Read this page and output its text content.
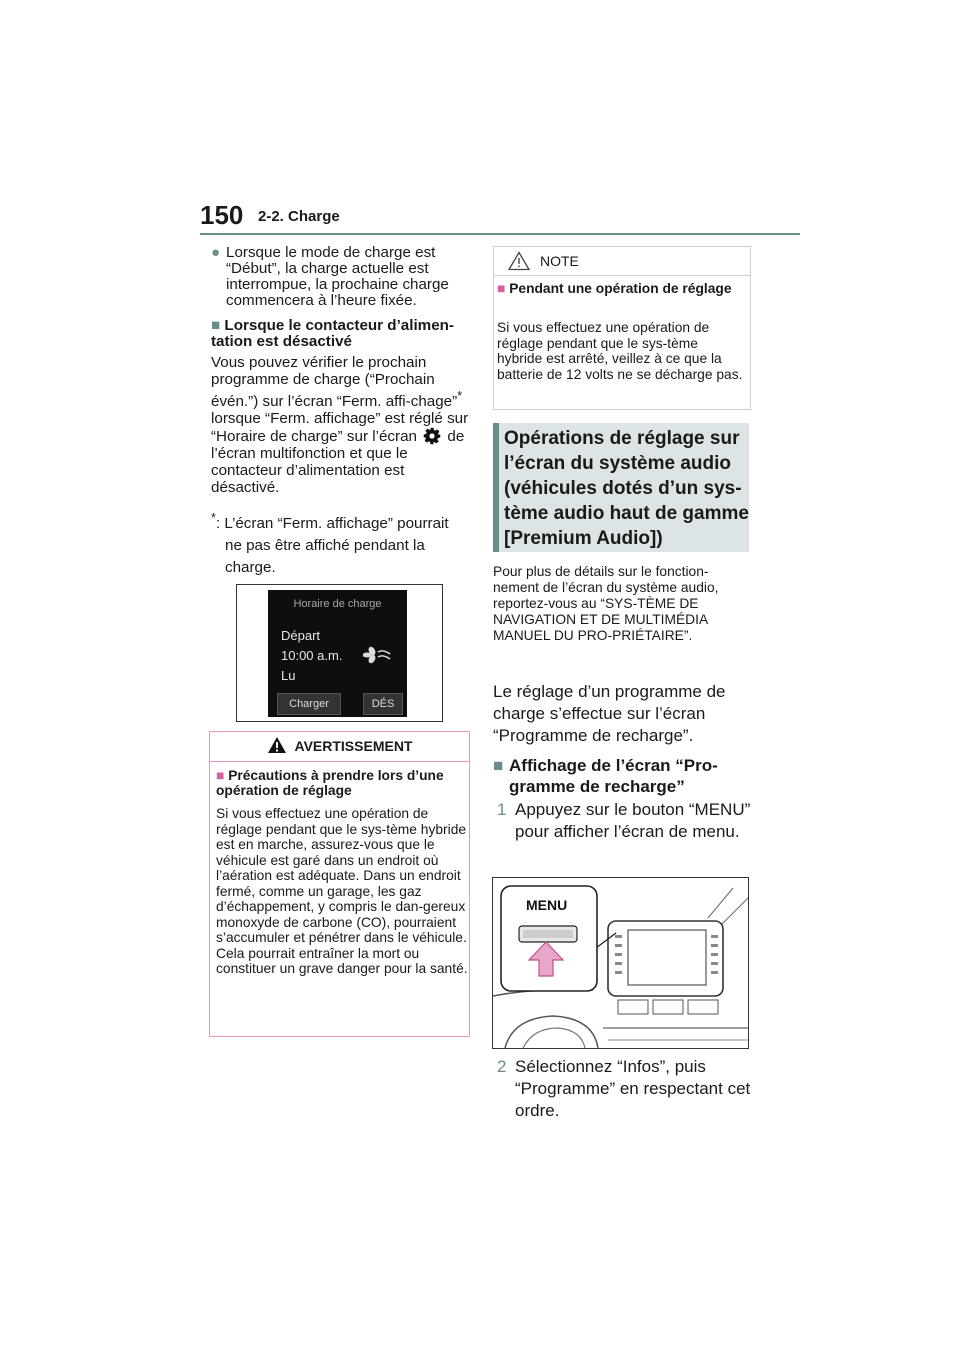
150 2-2. Charge
● Lorsque le mode de charge est “Début”, la charge actuelle est interrompue, la prochaine charge commencera à l’heure fixée.
■ Lorsque le contacteur d’alimen-tation est désactivé
Vous pouvez vérifier le prochain programme de charge (“Prochain évén.”) sur l’écran “Ferm. affi-chage”* lorsque “Ferm. affichage” est réglé sur “Horaire de charge” sur l’écran  de l’écran multifonction et que le contacteur d’alimentation est désactivé.
*: L’écran “Ferm. affichage” pourrait
ne pas être affiché pendant la charge.
Horaire de charge
Départ
10:00 a.m.
Lu
Charger	DÉS
AVERTISSEMENT
■ Précautions à prendre lors d’une opération de réglage
Si vous effectuez une opération de réglage pendant que le sys-tème hybride est en marche, assurez-vous que le véhicule est garé dans un endroit où l’aération est adéquate. Dans un endroit fermé, comme un garage, les gaz d’échappement, y compris le dan-gereux monoxyde de carbone (CO), pourraient s’accumuler et pénétrer dans le véhicule. Cela pourrait entraîner la mort ou constituer un grave danger pour la santé.
NOTE
■ Pendant une opération de réglage
Si vous effectuez une opération de réglage pendant que le sys-tème hybride est arrêté, veillez à ce que la batterie de 12 volts ne se décharge pas.
Opérations de réglage sur l’écran du système audio (véhicules dotés d’un sys-tème audio haut de gamme [Premium Audio])
Pour plus de détails sur le fonction-nement de l’écran du système audio, reportez-vous au “SYS-TÈME DE NAVIGATION ET DE MULTIMÉDIA MANUEL DU PRO-PRIÉTAIRE”.
Le réglage d’un programme de charge s’effectue sur l’écran “Programme de recharge”.
■ Affichage de l’écran “Pro-gramme de recharge”
1 Appuyez sur le bouton “MENU” pour afficher l’écran de menu.
MENU
2 Sélectionnez “Infos”, puis “Programme” en respectant cet ordre.
